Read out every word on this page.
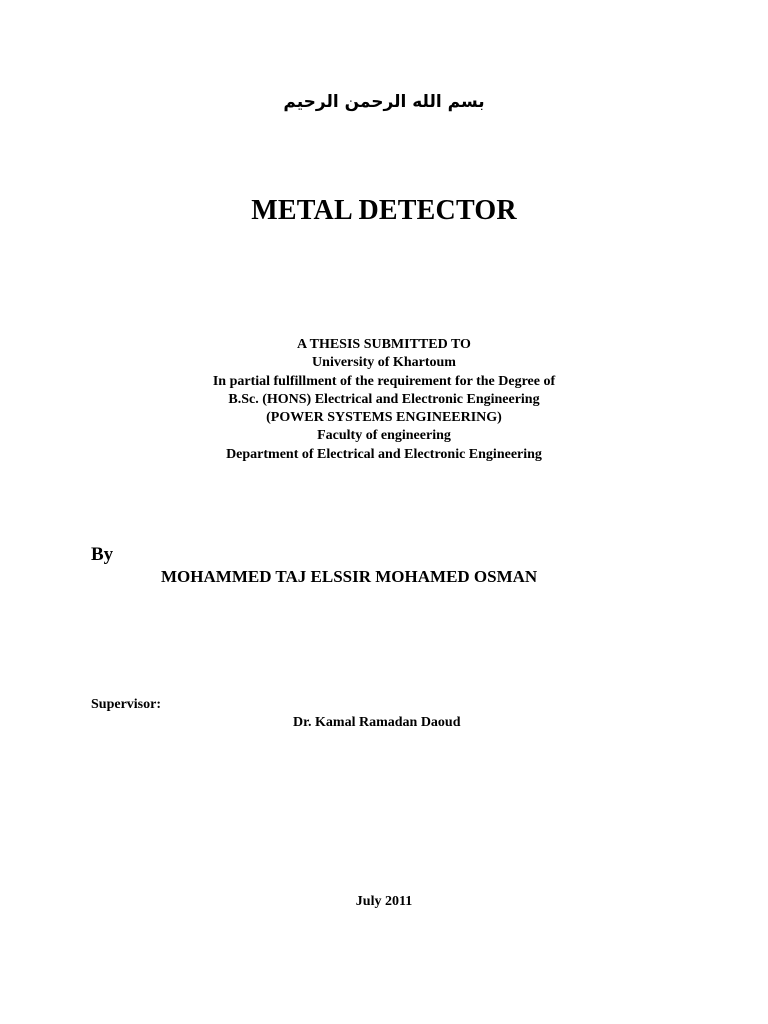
بسم الله الرحمن الرحيم
METAL DETECTOR
A THESIS SUBMITTED TO
University of Khartoum
In partial fulfillment of the requirement for the Degree of
B.Sc. (HONS) Electrical and Electronic Engineering
(POWER SYSTEMS ENGINEERING)
Faculty of engineering
Department of Electrical and Electronic Engineering
By
MOHAMMED TAJ ELSSIR MOHAMED OSMAN
Supervisor:
Dr. Kamal Ramadan Daoud
July 2011
